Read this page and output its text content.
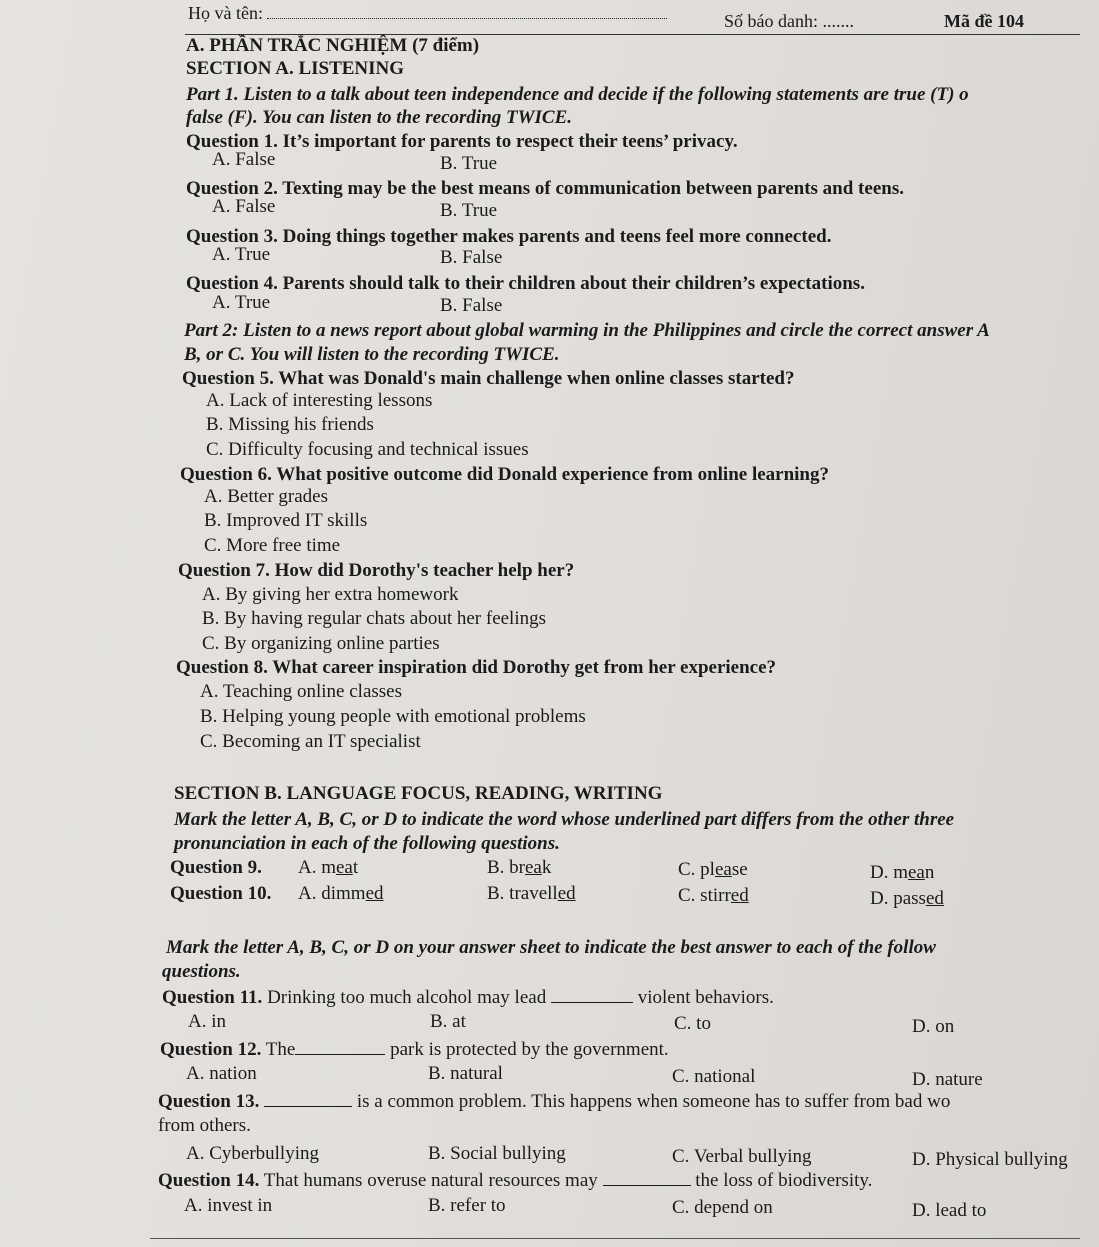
Họ và tên:	Số báo danh: .......	Mã đề 104
A. PHẦN TRẮC NGHIỆM (7 điểm)
SECTION A. LISTENING
Part 1. Listen to a talk about teen independence and decide if the following statements are true (T) o
false (F). You can listen to the recording TWICE.
Question 1. It’s important for parents to respect their teens’ privacy.
A. False	B. True
Question 2. Texting may be the best means of communication between parents and teens.
A. False	B. True
Question 3. Doing things together makes parents and teens feel more connected.
A. True	B. False
Question 4. Parents should talk to their children about their children’s expectations.
A. True	B. False
Part 2: Listen to a news report about global warming in the Philippines and circle the correct answer A
B, or C. You will listen to the recording TWICE.
Question 5. What was Donald's main challenge when online classes started?
A. Lack of interesting lessons
B. Missing his friends
C. Difficulty focusing and technical issues
Question 6. What positive outcome did Donald experience from online learning?
A. Better grades
B. Improved IT skills
C. More free time
Question 7. How did Dorothy's teacher help her?
A. By giving her extra homework
B. By having regular chats about her feelings
C. By organizing online parties
Question 8. What career inspiration did Dorothy get from her experience?
A. Teaching online classes
B. Helping young people with emotional problems
C. Becoming an IT specialist
SECTION B. LANGUAGE FOCUS, READING, WRITING
Mark the letter A, B, C, or D to indicate the word whose underlined part differs from the other three
pronunciation in each of the following questions.
Question 9. A. meat	B. break	C. please	D. mean
Question 10. A. dimmed	B. travelled	C. stirred	D. passed
Mark the letter A, B, C, or D on your answer sheet to indicate the best answer to each of the follow
questions.
Question 11. Drinking too much alcohol may lead	violent behaviors.
A. in	B. at	C. to	D. on
Question 12. The	park is protected by the government.
A. nation	B. natural	C. national	D. nature
Question 13.	is a common problem. This happens when someone has to suffer from bad wo
from others.
A. Cyberbullying	B. Social bullying	C. Verbal bullying	D. Physical bullying
Question 14. That humans overuse natural resources may	the loss of biodiversity.
A. invest in	B. refer to	C. depend on	D. lead to
